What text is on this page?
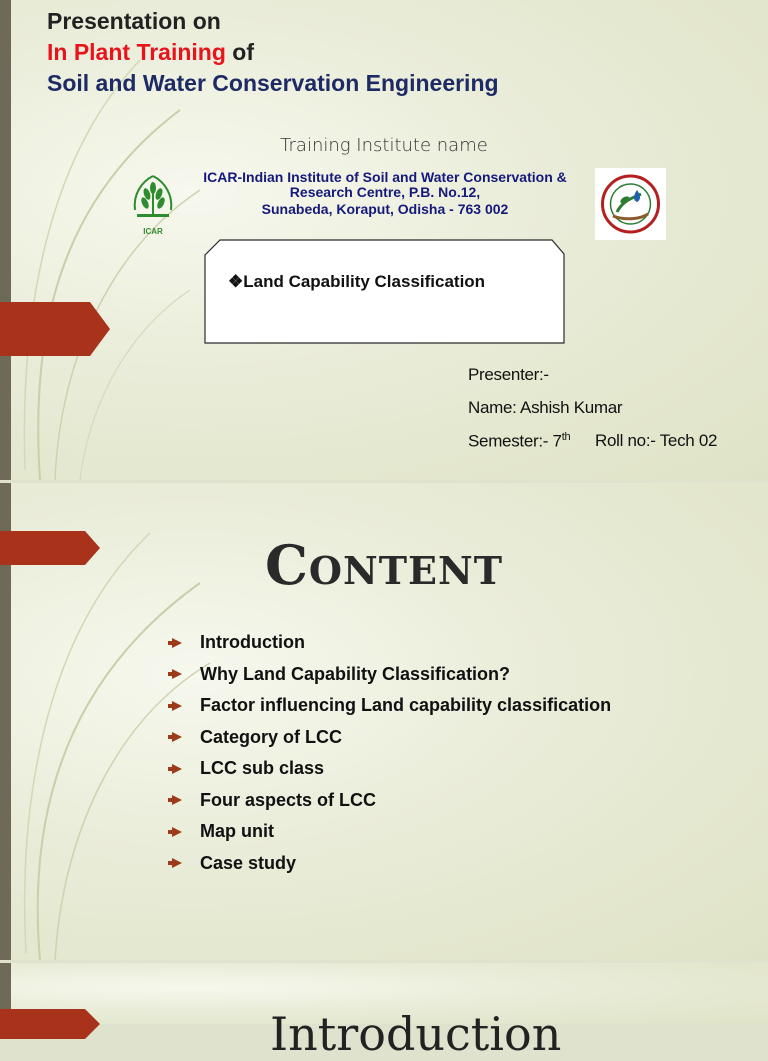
Presentation on
In Plant Training of
Soil and Water Conservation Engineering
Training Institute name
ICAR
ICAR-Indian Institute of Soil and Water Conservation &
Research Centre, P.B. No.12,
Sunabeda, Koraput, Odisha - 763 002
❖Land Capability Classification
Presenter:-
Name: Ashish Kumar
Semester:- 7th Roll no:- Tech 02
Content
Introduction
Why Land Capability Classification?
Factor influencing Land capability classification
Category of LCC
LCC sub class
Four aspects of LCC
Map unit
Case study
Introduction
